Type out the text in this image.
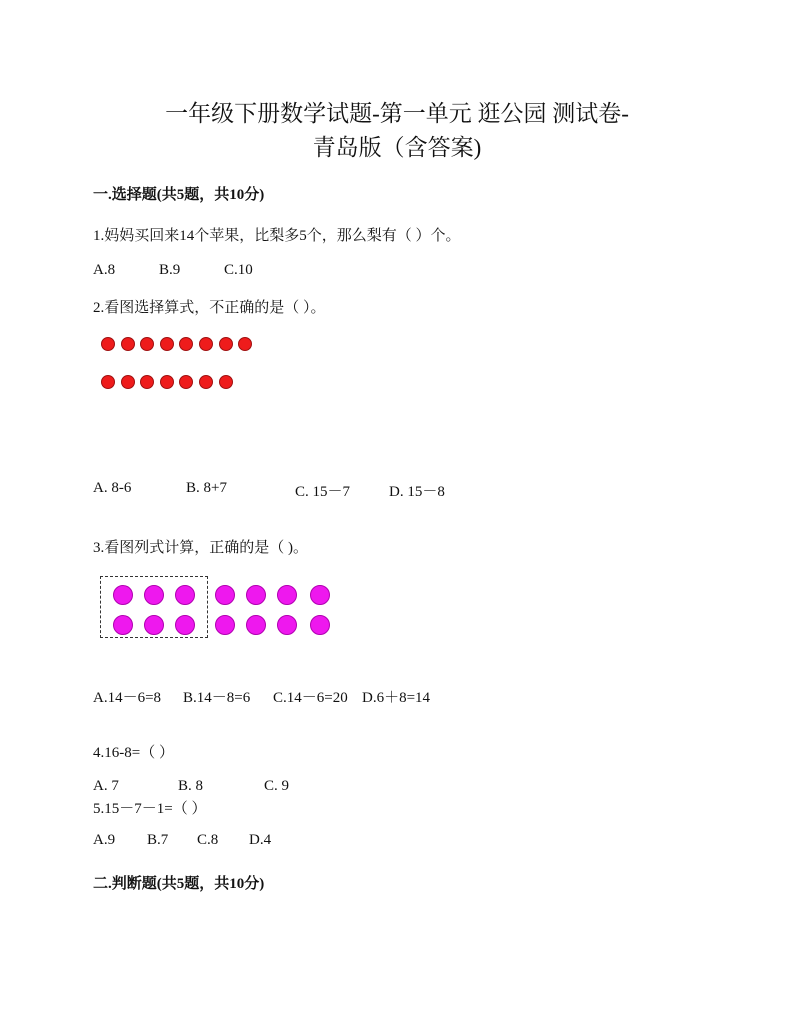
一年级下册数学试题-第一单元 逛公园 测试卷-
青岛版（含答案)
一.选择题(共5题，共10分)
1.妈妈买回来14个苹果，比梨多5个，那么梨有（ ）个。
A.8	B.9	C.10
2.看图选择算式，不正确的是（ ）。
A. 8-6	B. 8+7	C. 15－7	D. 15－8
3.看图列式计算，正确的是（ )。
A.14－6=8 B.14－8=6 C.14－6=20 D.6＋8=14
4.16-8=（ ）
A. 7	B. 8	C. 9
5.15－7－1=（ ）
A.9 B.7 C.8 D.4
二.判断题(共5题，共10分)
